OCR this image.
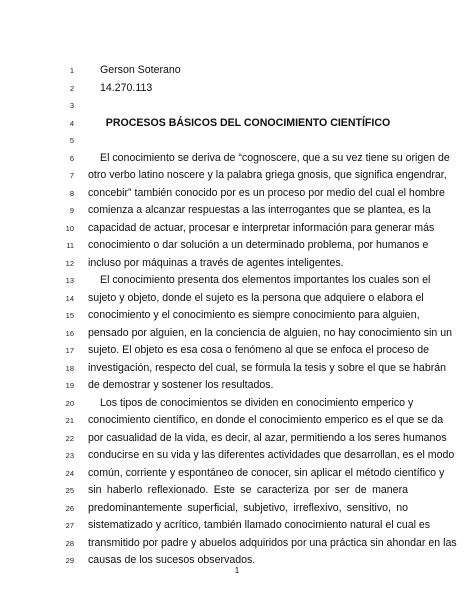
1
1	Gerson Soterano
2	14.270.113
3
4	PROCESOS BÁSICOS DEL CONOCIMIENTO CIENTÍFICO
5
6	El conocimiento se deriva de “cognoscere, que a su vez tiene su origen de
7 otro verbo latino noscere y la palabra griega gnosis, que significa engendrar,
8 concebir” también conocido por es un proceso por medio del cual el hombre
9 comienza a alcanzar respuestas a las interrogantes que se plantea, es la
10 capacidad de actuar, procesar e interpretar información para generar más
11 conocimiento o dar solución a un determinado problema, por humanos e
12 incluso por máquinas a través de agentes inteligentes.
13	El conocimiento presenta dos elementos importantes los cuales son el
14 sujeto y objeto, donde el sujeto es la persona que adquiere o elabora el
15 conocimiento y el conocimiento es siempre conocimiento para alguien,
16 pensado por alguien, en la conciencia de alguien, no hay conocimiento sin un
17 sujeto. El objeto es esa cosa o fenómeno al que se enfoca el proceso de
18 investigación, respecto del cual, se formula la tesis y sobre el que se habrán
19 de demostrar y sostener los resultados.
20	Los tipos de conocimientos se dividen en conocimiento emperico y
21 conocimiento científico, en donde el conocimiento emperico es el que se da
22 por casualidad de la vida, es decir, al azar, permitiendo a los seres humanos
23 conducirse en su vida y las diferentes actividades que desarrollan, es el modo
24 común, corriente y espontáneo de conocer, sin aplicar el método científico y
25 sin haberlo reflexionado. Este se caracteriza por ser de manera
26 predominantemente superficial, subjetivo, irreflexivo, sensitivo, no
27 sistematizado y acrítico, también llamado conocimiento natural el cual es
28 transmitido por padre y abuelos adquiridos por una práctica sin ahondar en las
29 causas de los sucesos observados.
